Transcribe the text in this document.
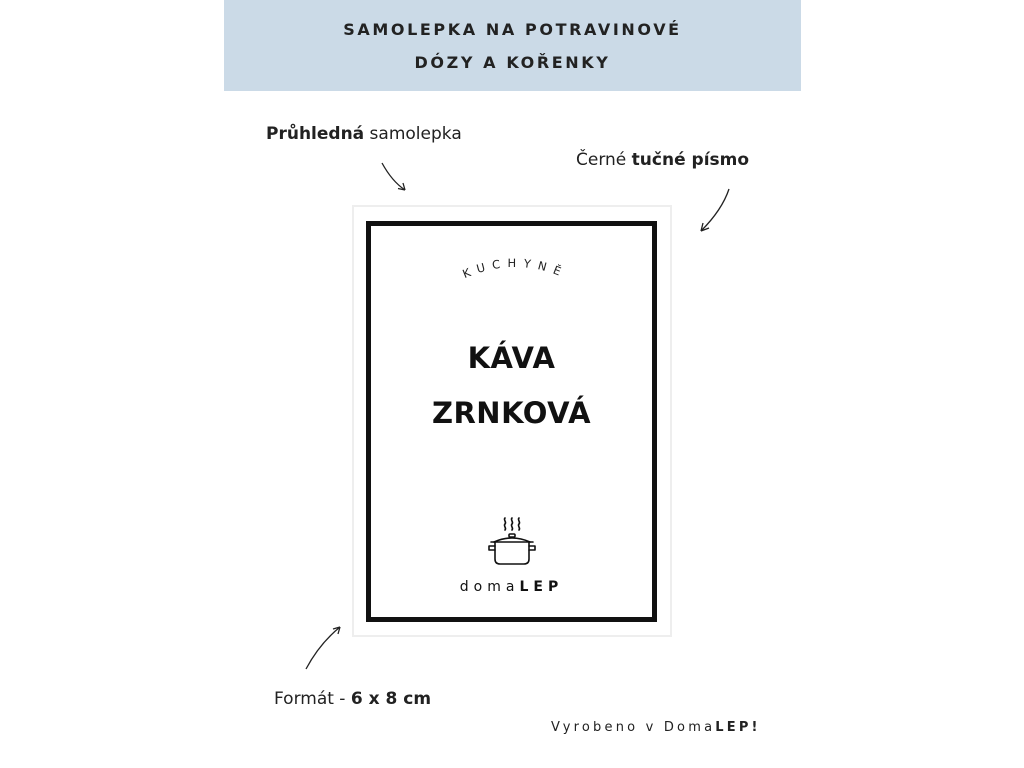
SAMOLEPKA NA POTRAVINOVÉ
DÓZY A KOŘENKY
Průhledná samolepka
Černé tučné písmo
KUCHYNĚ
KÁVA
ZRNKOVÁ
domaLEP
Formát - 6 x 8 cm
Vyrobeno v DomaLEP!
